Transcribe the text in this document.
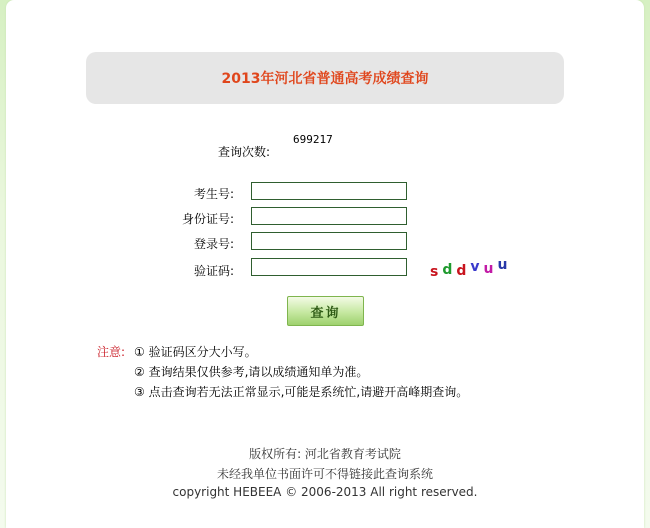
2013年河北省普通高考成绩查询
查询次数:
699217
考生号:
身份证号:
登录号:
验证码:	s d d v u u
查询
注意: ① 验证码区分大小写。
② 查询结果仅供参考,请以成绩通知单为准。
③ 点击查询若无法正常显示,可能是系统忙,请避开高峰期查询。
版权所有: 河北省教育考试院
未经我单位书面许可不得链接此查询系统
copyright HEBEEA © 2006-2013 All right reserved.
